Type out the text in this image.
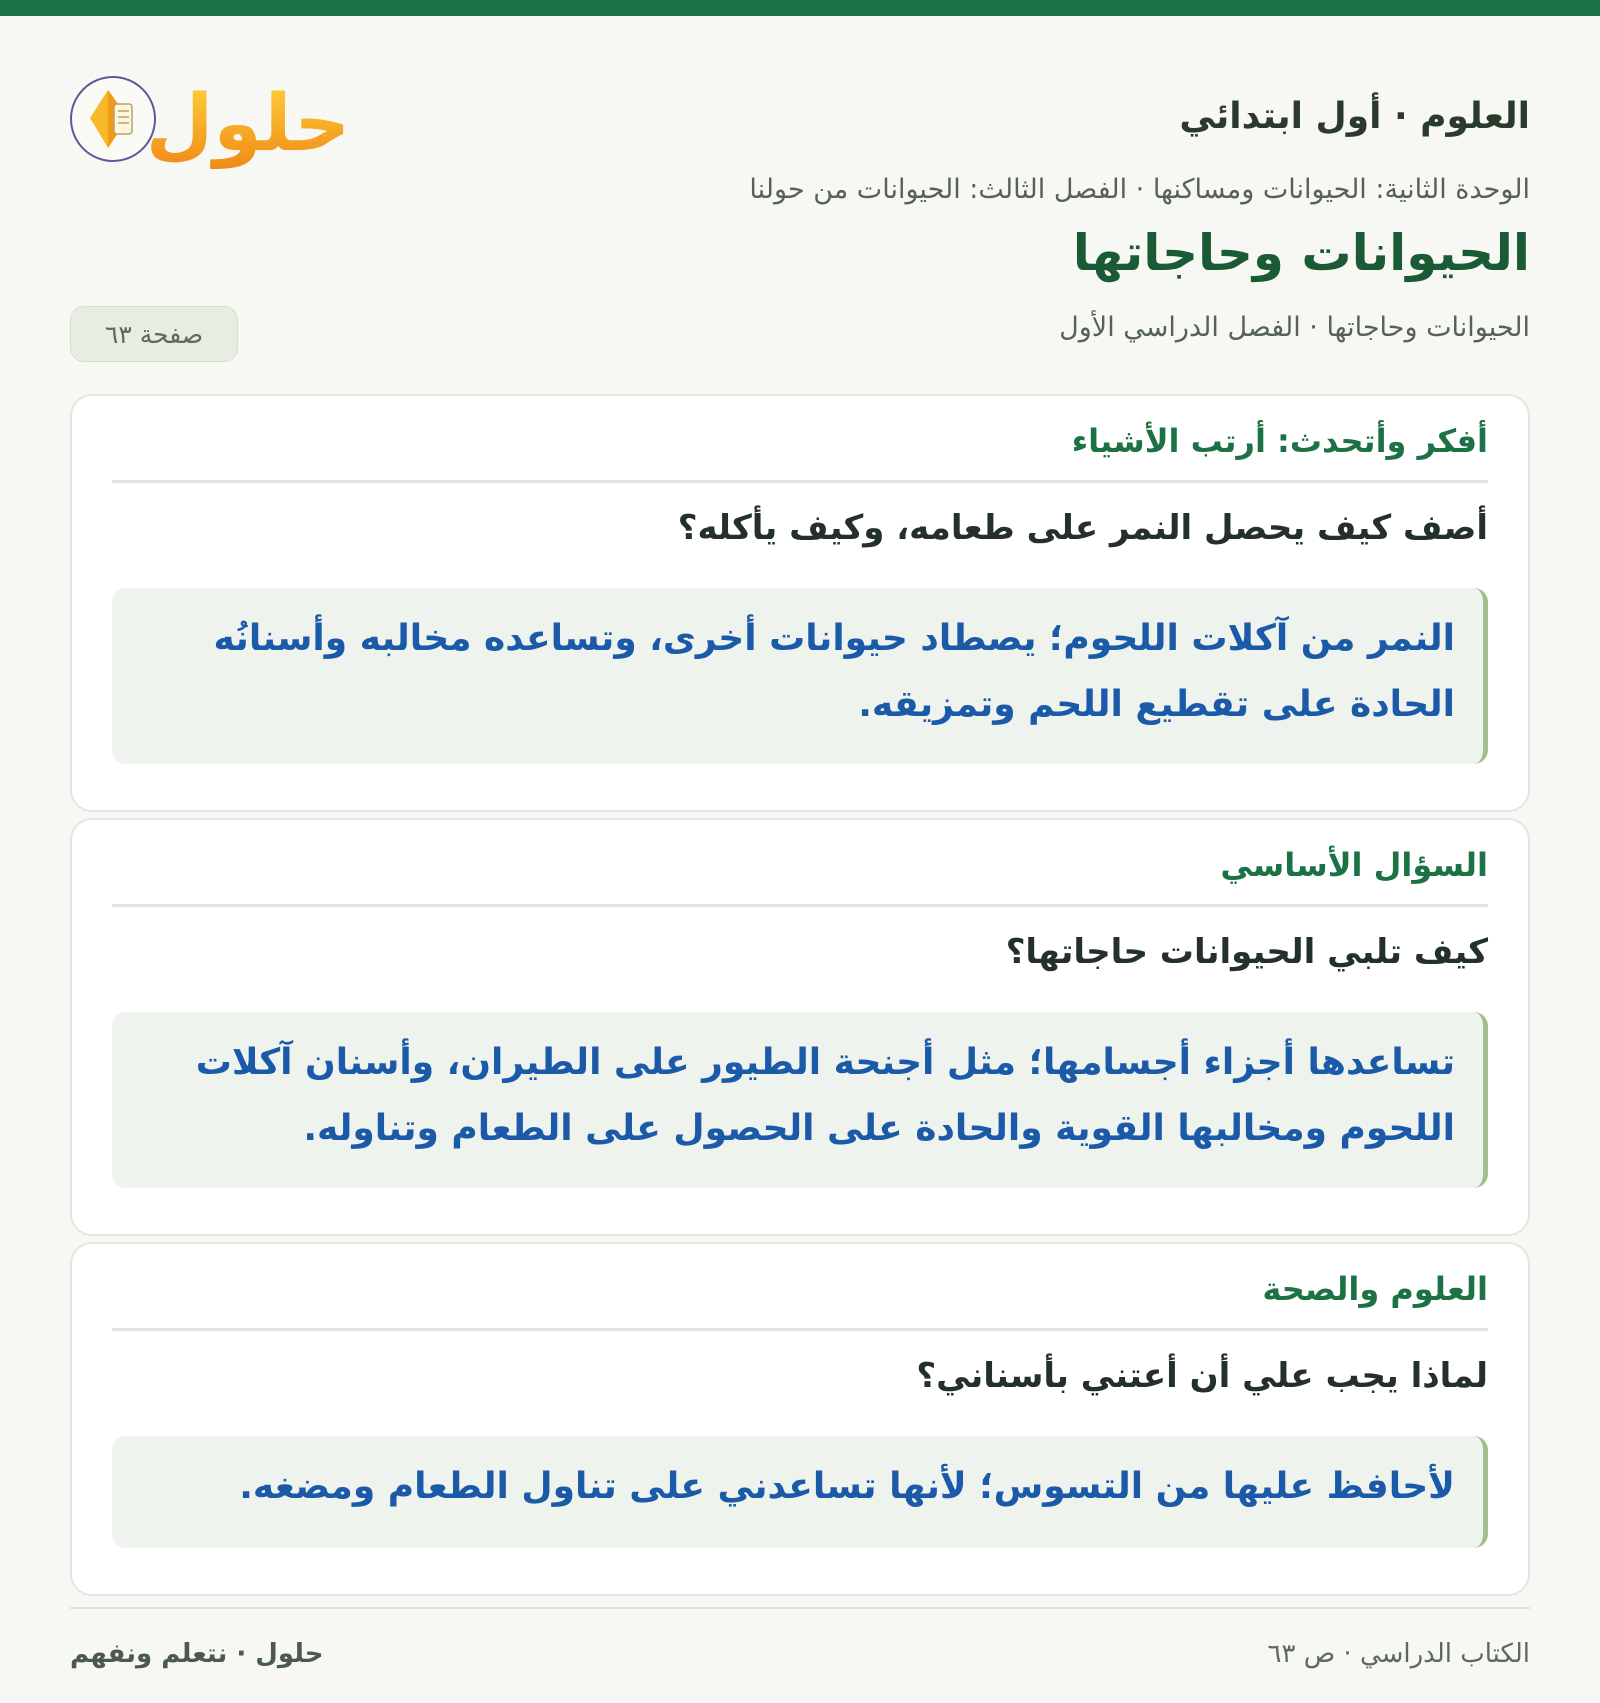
العلوم · أول ابتدائي
حلول
الوحدة الثانية: الحيوانات ومساكنها · الفصل الثالث: الحيوانات من حولنا
الحيوانات وحاجاتها
الحيوانات وحاجاتها · الفصل الدراسي الأول
صفحة ٦٣
أفكر وأتحدث: أرتب الأشياء
أصف كيف يحصل النمر على طعامه، وكيف يأكله؟
النمر من آكلات اللحوم؛ يصطاد حيوانات أخرى، وتساعده مخالبه وأسنانُه الحادة على تقطيع اللحم وتمزيقه.
السؤال الأساسي
كيف تلبي الحيوانات حاجاتها؟
تساعدها أجزاء أجسامها؛ مثل أجنحة الطيور على الطيران، وأسنان آكلات اللحوم ومخالبها القوية والحادة على الحصول على الطعام وتناوله.
العلوم والصحة
لماذا يجب علي أن أعتني بأسناني؟
لأحافظ عليها من التسوس؛ لأنها تساعدني على تناول الطعام ومضغه.
حلول · نتعلم ونفهم	الكتاب الدراسي · ص ٦٣
